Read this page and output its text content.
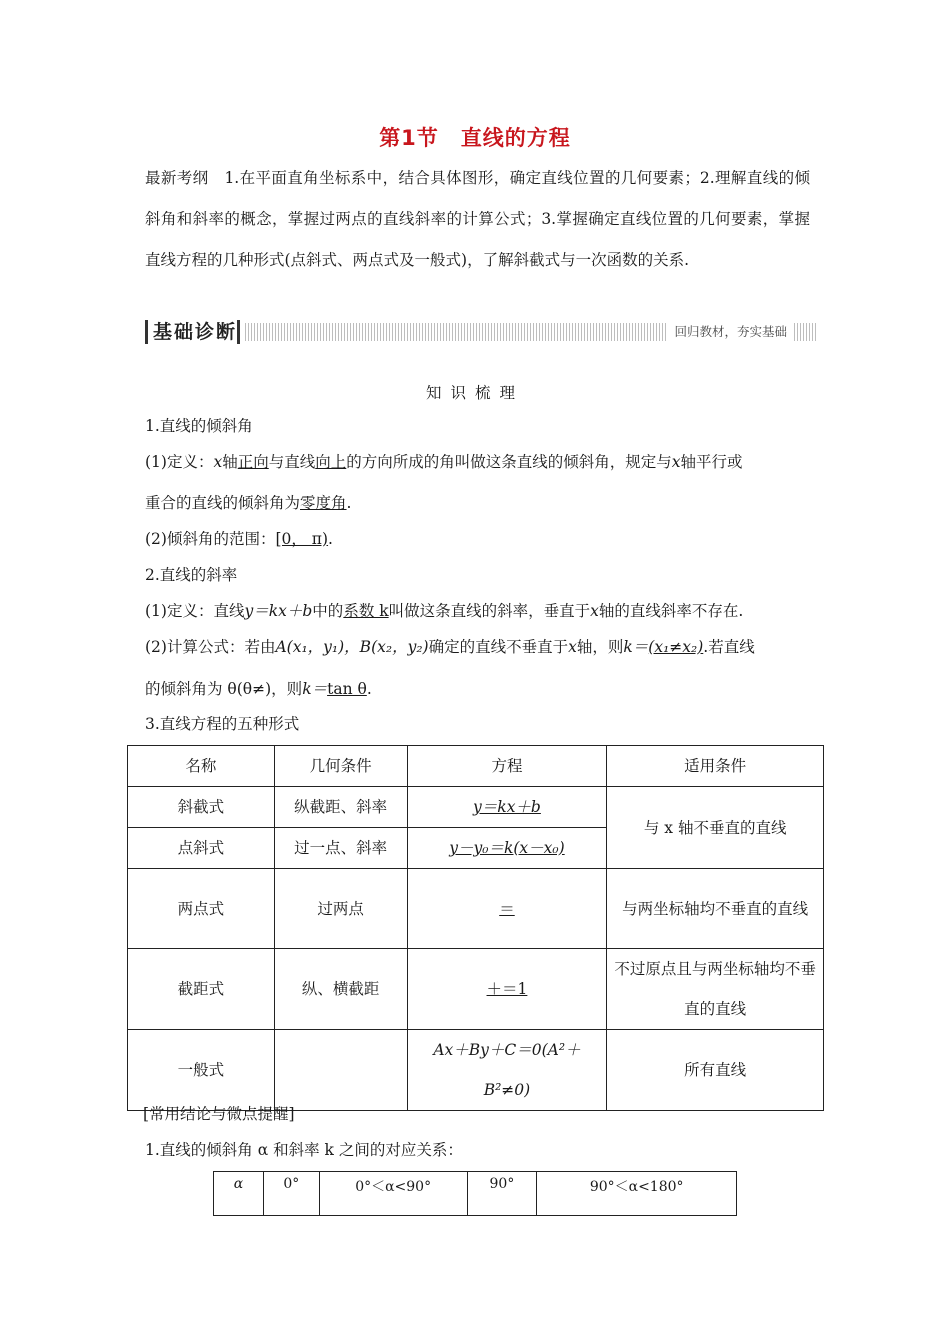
第1节　直线的方程
最新考纲　 1.在平面直角坐标系中，结合具体图形，确定直线位置的几何要素；2.理解直线的倾斜角和斜率的概念，掌握过两点的直线斜率的计算公式；3.掌握确定直线位置的几何要素，掌握直线方程的几种形式(点斜式、两点式及一般式)，了解斜截式与一次函数的关系.
基础诊断	回归教材，夯实基础
知识梳理
1.直线的倾斜角
(1)定义：x轴正向与直线向上的方向所成的角叫做这条直线的倾斜角，规定与x轴平行或
重合的直线的倾斜角为零度角.
(2)倾斜角的范围：[0， π).
2.直线的斜率
(1)定义：直线y＝kx＋b中的系数 k叫做这条直线的斜率，垂直于x轴的直线斜率不存在.
(2)计算公式：若由A(x₁，y₁)，B(x₂，y₂)确定的直线不垂直于x轴，则k＝(x₁≠x₂).若直线
的倾斜角为 θ(θ≠)，则k＝tan θ.
3.直线方程的五种形式
名称	几何条件	方程	适用条件
斜截式	纵截距、斜率	y＝kx＋b	与 x 轴不垂直的直线
点斜式	过一点、斜率	y－y₀＝k(x－x₀)	
两点式	过两点	＝	与两坐标轴均不垂直的直线
截距式	纵、横截距	＋＝1	不过原点且与两坐标轴均不垂直的直线
一般式		Ax＋By＋C＝0(A²＋B²≠0)	所有直线
[常用结论与微点提醒]
1.直线的倾斜角 α 和斜率 k 之间的对应关系：
α	0°	0°＜α<90°	90°	90°＜α<180°
